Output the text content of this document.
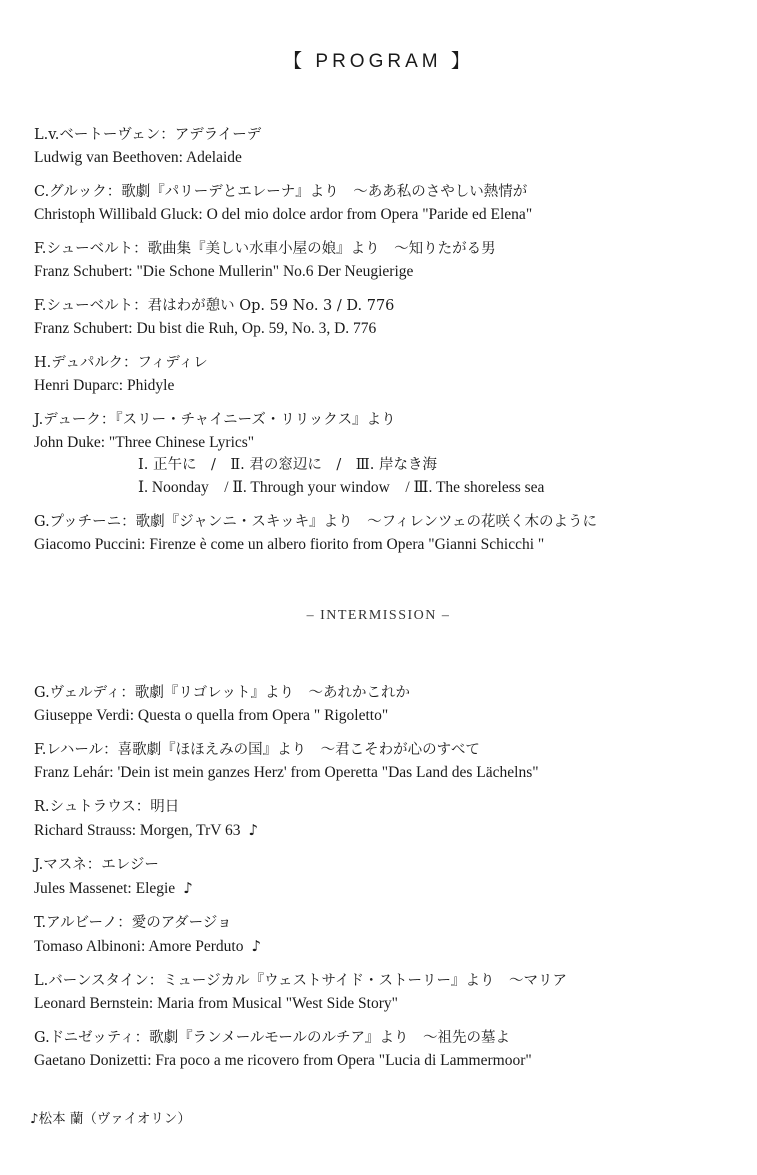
【 PROGRAM 】
L.v.ベートーヴェン：アデライーデ
Ludwig van Beethoven: Adelaide
C.グルック：歌劇『パリーデとエレーナ』より　～ああ私のさやしい熱情が
Christoph Willibald Gluck: O del mio dolce ardor from Opera "Paride ed Elena"
F.シューベルト：歌曲集『美しい水車小屋の娘』より　～知りたがる男
Franz Schubert: "Die Schone Mullerin" No.6 Der Neugierige
F.シューベルト：君はわが憩い Op. 59 No. 3 / D. 776
Franz Schubert: Du bist die Ruh, Op. 59, No. 3, D. 776
H.デュパルク：フィディレ
Henri Duparc: Phidyle
J.デューク：『スリー・チャイニーズ・リリックス』より
John Duke: "Three Chinese Lyrics"
Ⅰ. 正午に　/　Ⅱ. 君の窓辺に　/　Ⅲ. 岸なき海
Ⅰ. Noonday　/ Ⅱ. Through your window　/ Ⅲ. The shoreless sea
G.プッチーニ：歌劇『ジャンニ・スキッキ』より　～フィレンツェの花咲く木のように
Giacomo Puccini: Firenze è come un albero fiorito from Opera "Gianni Schicchi "
– INTERMISSION –
G.ヴェルディ：歌劇『リゴレット』より　～あれかこれか
Giuseppe Verdi: Questa o quella from Opera " Rigoletto"
F.レハール：喜歌劇『ほほえみの国』より　～君こそわが心のすべて
Franz Lehár: 'Dein ist mein ganzes Herz' from Operetta "Das Land des Lächelns"
R.シュトラウス：明日
Richard Strauss: Morgen, TrV 63 ♪
J.マスネ：エレジー
Jules Massenet: Elegie ♪
T.アルビーノ：愛のアダージョ
Tomaso Albinoni: Amore Perduto ♪
L.バーンスタイン：ミュージカル『ウェストサイド・ストーリー』より　～マリア
Leonard Bernstein: Maria from Musical "West Side Story"
G.ドニゼッティ：歌劇『ランメールモールのルチア』より　～祖先の墓よ
Gaetano Donizetti: Fra poco a me ricovero from Opera "Lucia di Lammermoor"
♪松本 蘭（ヴァイオリン）
